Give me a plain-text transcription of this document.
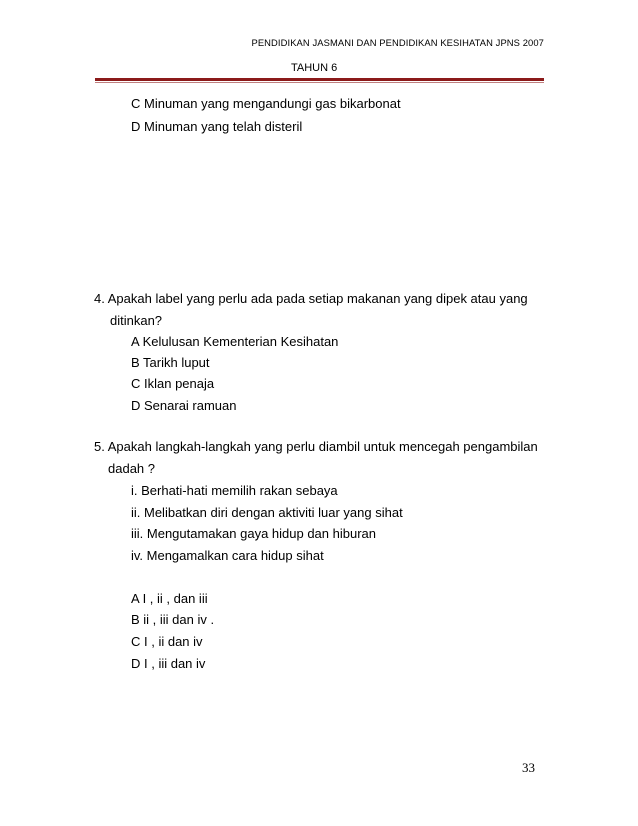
PENDIDIKAN JASMANI DAN PENDIDIKAN KESIHATAN JPNS 2007
TAHUN 6
C Minuman yang mengandungi gas bikarbonat
D Minuman yang telah disteril
4. Apakah label yang perlu ada pada setiap makanan yang dipek atau yang
ditinkan?
A Kelulusan Kementerian Kesihatan
B Tarikh luput
C Iklan penaja
D Senarai ramuan
5. Apakah langkah-langkah yang perlu diambil untuk mencegah pengambilan
dadah ?
i. Berhati-hati memilih rakan sebaya
ii. Melibatkan diri dengan aktiviti luar yang sihat
iii. Mengutamakan gaya hidup dan hiburan
iv. Mengamalkan cara hidup sihat
A I , ii , dan iii
B ii , iii dan iv .
C I , ii dan iv
D I , iii dan iv
33
